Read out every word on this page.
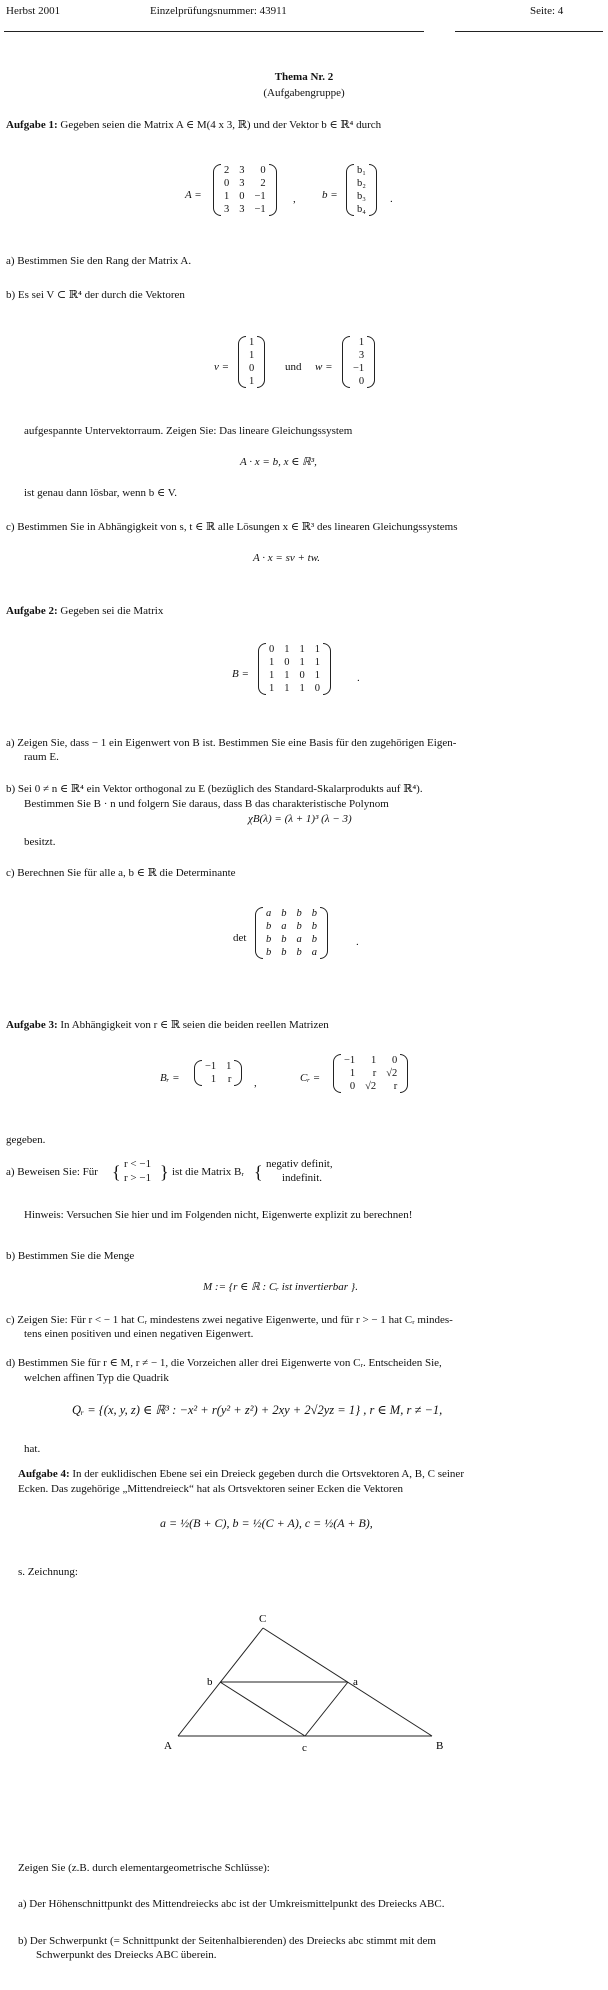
Herbst 2001	Einzelprüfungsnummer: 43911	Seite: 4
Thema Nr. 2
(Aufgabengruppe)
Aufgabe 1: Gegeben seien die Matrix A ∈ M(4 x 3, ℝ) und der Vektor b ∈ ℝ⁴ durch
A =
2	3	0
0	3	2
1	0	−1
3	3	−1
, b =
b₁
b₂
b₃
b₄
.
a) Bestimmen Sie den Rang der Matrix A.
b) Es sei V ⊂ ℝ⁴ der durch die Vektoren
v =
1
1
0
1
und w =
1
3
−1
0
aufgespannte Untervektorraum. Zeigen Sie: Das lineare Gleichungssystem
A · x = b, x ∈ ℝ³,
ist genau dann lösbar, wenn b ∈ V.
c) Bestimmen Sie in Abhängigkeit von s, t ∈ ℝ alle Lösungen x ∈ ℝ³ des linearen Gleichungssystems
A · x = sv + tw.
Aufgabe 2: Gegeben sei die Matrix
B =
0	1	1	1
1	0	1	1
1	1	0	1
1	1	1	0
.
a) Zeigen Sie, dass − 1 ein Eigenwert von B ist. Bestimmen Sie eine Basis für den zugehörigen Eigen-
raum E.
b) Sei 0 ≠ n ∈ ℝ⁴ ein Vektor orthogonal zu E (bezüglich des Standard-Skalarprodukts auf ℝ⁴).
Bestimmen Sie B · n und folgern Sie daraus, dass B das charakteristische Polynom
χB(λ) = (λ + 1)³ (λ − 3)
besitzt.
c) Berechnen Sie für alle a, b ∈ ℝ die Determinante
det
a	b	b	b
b	a	b	b
b	b	a	b
b	b	b	a
.
Aufgabe 3: In Abhängigkeit von r ∈ ℝ seien die beiden reellen Matrizen
Bᵣ =
−1	1
1	r ,	Cᵣ =
−1	1	0
1	r	√2
0	√2	r
gegeben.
a) Beweisen Sie: Für { r < −1
r > −1 } ist die Matrix Bᵣ { negativ definit,
indefinit.
Hinweis: Versuchen Sie hier und im Folgenden nicht, Eigenwerte explizit zu berechnen!
b) Bestimmen Sie die Menge
M := {r ∈ ℝ : Cᵣ ist invertierbar }.
c) Zeigen Sie: Für r < − 1 hat Cᵣ mindestens zwei negative Eigenwerte, und für r > − 1 hat Cᵣ mindes-
tens einen positiven und einen negativen Eigenwert.
d) Bestimmen Sie für r ∈ M, r ≠ − 1, die Vorzeichen aller drei Eigenwerte von Cᵣ. Entscheiden Sie,
welchen affinen Typ die Quadrik
Qᵣ = {(x, y, z) ∈ ℝ³ : −x² + r(y² + z²) + 2xy + 2√2yz = 1} , r ∈ M, r ≠ −1,
hat.
Aufgabe 4: In der euklidischen Ebene sei ein Dreieck gegeben durch die Ortsvektoren A, B, C seiner
Ecken. Das zugehörige „Mittendreieck“ hat als Ortsvektoren seiner Ecken die Vektoren
a = ½(B + C), b = ½(C + A), c = ½(A + B),
s. Zeichnung:
A	B
C
a
b
c
Zeigen Sie (z.B. durch elementargeometrische Schlüsse):
a) Der Höhenschnittpunkt des Mittendreiecks abc ist der Umkreismittelpunkt des Dreiecks ABC.
b) Der Schwerpunkt (= Schnittpunkt der Seitenhalbierenden) des Dreiecks abc stimmt mit dem
Schwerpunkt des Dreiecks ABC überein.
